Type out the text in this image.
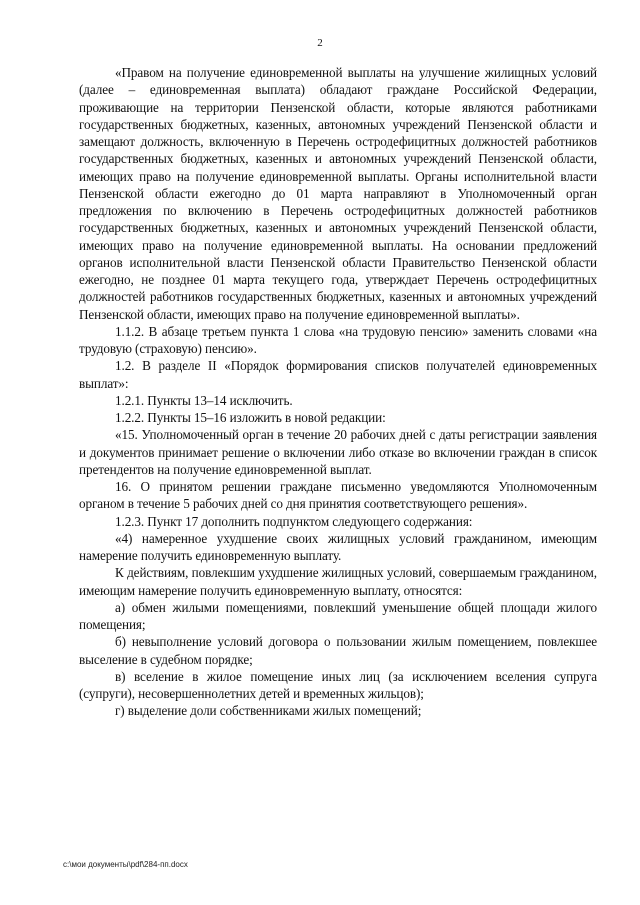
2

«Правом на получение единовременной выплаты на улучшение жилищных условий (далее – единовременная выплата) обладают граждане Российской Федерации, проживающие на территории Пензенской области, которые являются работниками государственных бюджетных, казенных, автономных учреждений Пензенской области и замещают должность, включенную в Перечень остродефицитных должностей работников государственных бюджетных, казенных и автономных учреждений Пензенской области, имеющих право на получение единовременной выплаты. Органы исполнительной власти Пензенской области ежегодно до 01 марта направляют в Уполномоченный орган предложения по включению в Перечень остродефицитных должностей работников государственных бюджетных, казенных и автономных учреждений Пензенской области, имеющих право на получение единовременной выплаты. На основании предложений органов исполнительной власти Пензенской области Правительство Пензенской области ежегодно, не позднее 01 марта текущего года, утверждает Перечень остродефицитных должностей работников государственных бюджетных, казенных и автономных учреждений Пензенской области, имеющих право на получение единовременной выплаты».

1.1.2. В абзаце третьем пункта 1 слова «на трудовую пенсию» заменить словами «на трудовую (страховую) пенсию».

1.2. В разделе II «Порядок формирования списков получателей единовременных выплат»:

1.2.1. Пункты 13–14 исключить.

1.2.2. Пункты 15–16 изложить в новой редакции:

«15. Уполномоченный орган в течение 20 рабочих дней с даты регистрации заявления и документов принимает решение о включении либо отказе во включении граждан в список претендентов на получение единовременной выплат.

16. О принятом решении граждане письменно уведомляются Уполномоченным органом в течение 5 рабочих дней со дня принятия соответствующего решения».

1.2.3. Пункт 17 дополнить подпунктом следующего содержания:

«4) намеренное ухудшение своих жилищных условий гражданином, имеющим намерение получить единовременную выплату.

К действиям, повлекшим ухудшение жилищных условий, совершаемым гражданином, имеющим намерение получить единовременную выплату, относятся:

а) обмен жилыми помещениями, повлекший уменьшение общей площади жилого помещения;

б) невыполнение условий договора о пользовании жилым помещением, повлекшее выселение в судебном порядке;

в) вселение в жилое помещение иных лиц (за исключением вселения супруга (супруги), несовершеннолетних детей и временных жильцов);

г) выделение доли собственниками жилых помещений;

c:\мои документы\pdf\284-пп.docx
